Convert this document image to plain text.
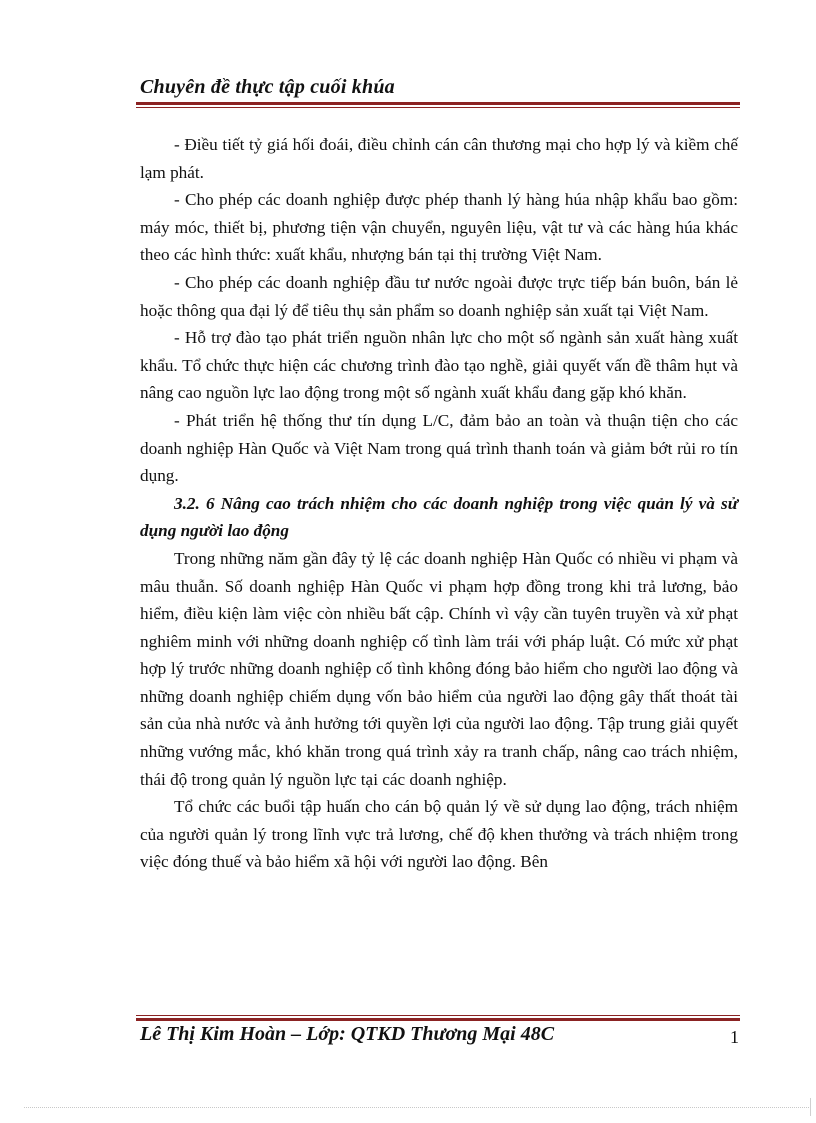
Chuyên đề thực tập cuối khúa

- Điều tiết tỷ giá hối đoái, điều chỉnh cán cân thương mại cho hợp lý và kiềm chế lạm phát.

- Cho phép các doanh nghiệp được phép thanh lý hàng húa nhập khẩu bao gồm: máy móc, thiết bị, phương tiện vận chuyển, nguyên liệu, vật tư và các hàng húa khác theo các hình thức: xuất khẩu, nhượng bán tại thị trường Việt Nam.

- Cho phép các doanh nghiệp đầu tư nước ngoài được trực tiếp bán buôn, bán lẻ hoặc thông qua đại lý để tiêu thụ sản phẩm so doanh nghiệp sản xuất tại Việt Nam.

- Hỗ trợ đào tạo phát triển nguồn nhân lực cho một số ngành sản xuất hàng xuất khẩu. Tổ chức thực hiện các chương trình đào tạo nghề, giải quyết vấn đề thâm hụt và nâng cao nguồn lực lao động trong một số ngành xuất khẩu đang gặp khó khăn.

- Phát triển hệ thống thư tín dụng L/C, đảm bảo an toàn và thuận tiện cho các doanh nghiệp Hàn Quốc và Việt Nam trong quá trình thanh toán và giảm bớt rủi ro tín dụng.

3.2. 6 Nâng cao trách nhiệm cho các doanh nghiệp trong việc quản lý và sử dụng người lao động

Trong những năm gần đây tỷ lệ các doanh nghiệp Hàn Quốc có nhiều vi phạm và mâu thuẫn. Số doanh nghiệp Hàn Quốc vi phạm hợp đồng trong khi trả lương, bảo hiểm, điều kiện làm việc còn nhiều bất cập. Chính vì vậy cần tuyên truyền và xử phạt nghiêm minh với những doanh nghiệp cố tình làm trái với pháp luật. Có mức xử phạt hợp lý trước những doanh nghiệp cố tình không đóng bảo hiểm cho người lao động và những doanh nghiệp chiếm dụng vốn bảo hiểm của người lao động gây thất thoát tài sản của nhà nước và ảnh hưởng tới quyền lợi của người lao động. Tập trung giải quyết những vướng mắc, khó khăn trong quá trình xảy ra tranh chấp, nâng cao trách nhiệm, thái độ trong quản lý nguồn lực tại các doanh nghiệp.

Tổ chức các buổi tập huấn cho cán bộ quản lý về sử dụng lao động, trách nhiệm của người quản lý trong lĩnh vực trả lương, chế độ khen thưởng và trách nhiệm trong việc đóng thuế và bảo hiểm xã hội với người lao động. Bên

Lê Thị Kim Hoàn – Lớp: QTKD Thương Mại 48C	1
